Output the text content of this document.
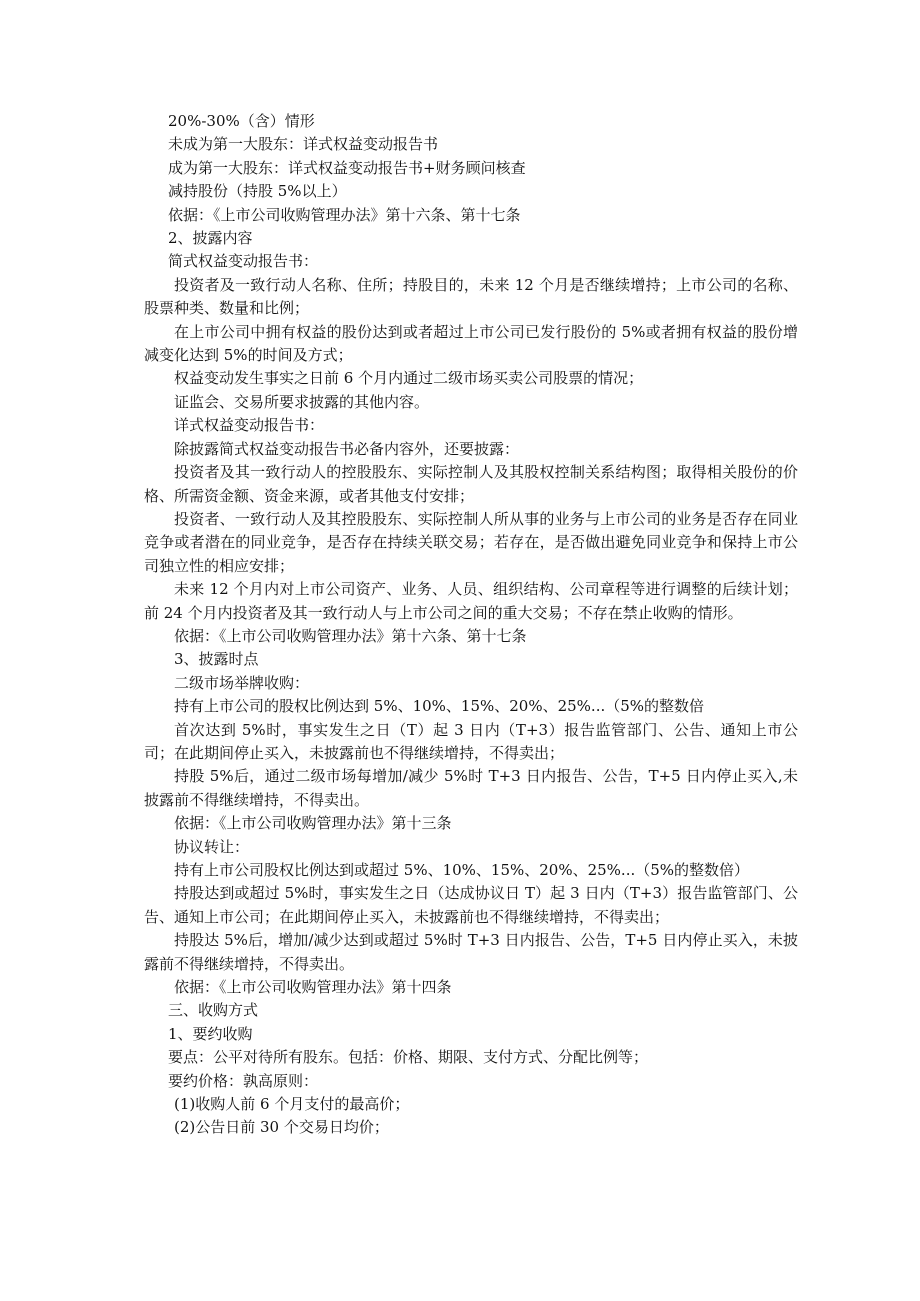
20%-30%（含）情形

未成为第一大股东：详式权益变动报告书

成为第一大股东：详式权益变动报告书+财务顾问核查

减持股份（持股 5%以上）

依据：《上市公司收购管理办法》第十六条、第十七条

2、披露内容

简式权益变动报告书：

投资者及一致行动人名称、住所；持股目的，未来 12 个月是否继续增持；上市公司的名称、股票种类、数量和比例；

在上市公司中拥有权益的股份达到或者超过上市公司已发行股份的 5%或者拥有权益的股份增减变化达到 5%的时间及方式；

权益变动发生事实之日前 6 个月内通过二级市场买卖公司股票的情况；

证监会、交易所要求披露的其他内容。

详式权益变动报告书：

除披露简式权益变动报告书必备内容外，还要披露：

投资者及其一致行动人的控股股东、实际控制人及其股权控制关系结构图；取得相关股份的价格、所需资金额、资金来源，或者其他支付安排；

投资者、一致行动人及其控股股东、实际控制人所从事的业务与上市公司的业务是否存在同业竞争或者潜在的同业竞争，是否存在持续关联交易；若存在，是否做出避免同业竞争和保持上市公司独立性的相应安排；

未来 12 个月内对上市公司资产、业务、人员、组织结构、公司章程等进行调整的后续计划；前 24 个月内投资者及其一致行动人与上市公司之间的重大交易；不存在禁止收购的情形。

依据：《上市公司收购管理办法》第十六条、第十七条

3、披露时点

二级市场举牌收购：

持有上市公司的股权比例达到 5%、10%、15%、20%、25%...（5%的整数倍

首次达到 5%时，事实发生之日（T）起 3 日内（T+3）报告监管部门、公告、通知上市公司；在此期间停止买入，未披露前也不得继续增持，不得卖出；

持股 5%后，通过二级市场每增加/减少 5%时 T+3 日内报告、公告，T+5 日内停止买入,未披露前不得继续增持，不得卖出。

依据：《上市公司收购管理办法》第十三条

协议转让：

持有上市公司股权比例达到或超过 5%、10%、15%、20%、25%...（5%的整数倍）

持股达到或超过 5%时，事实发生之日（达成协议日 T）起 3 日内（T+3）报告监管部门、公告、通知上市公司；在此期间停止买入，未披露前也不得继续增持，不得卖出；

持股达 5%后，增加/减少达到或超过 5%时 T+3 日内报告、公告，T+5 日内停止买入，未披露前不得继续增持，不得卖出。

依据：《上市公司收购管理办法》第十四条

三、收购方式

1、要约收购

要点：公平对待所有股东。包括：价格、期限、支付方式、分配比例等；

要约价格：孰高原则：

(1)收购人前 6 个月支付的最高价；

(2)公告日前 30 个交易日均价；
